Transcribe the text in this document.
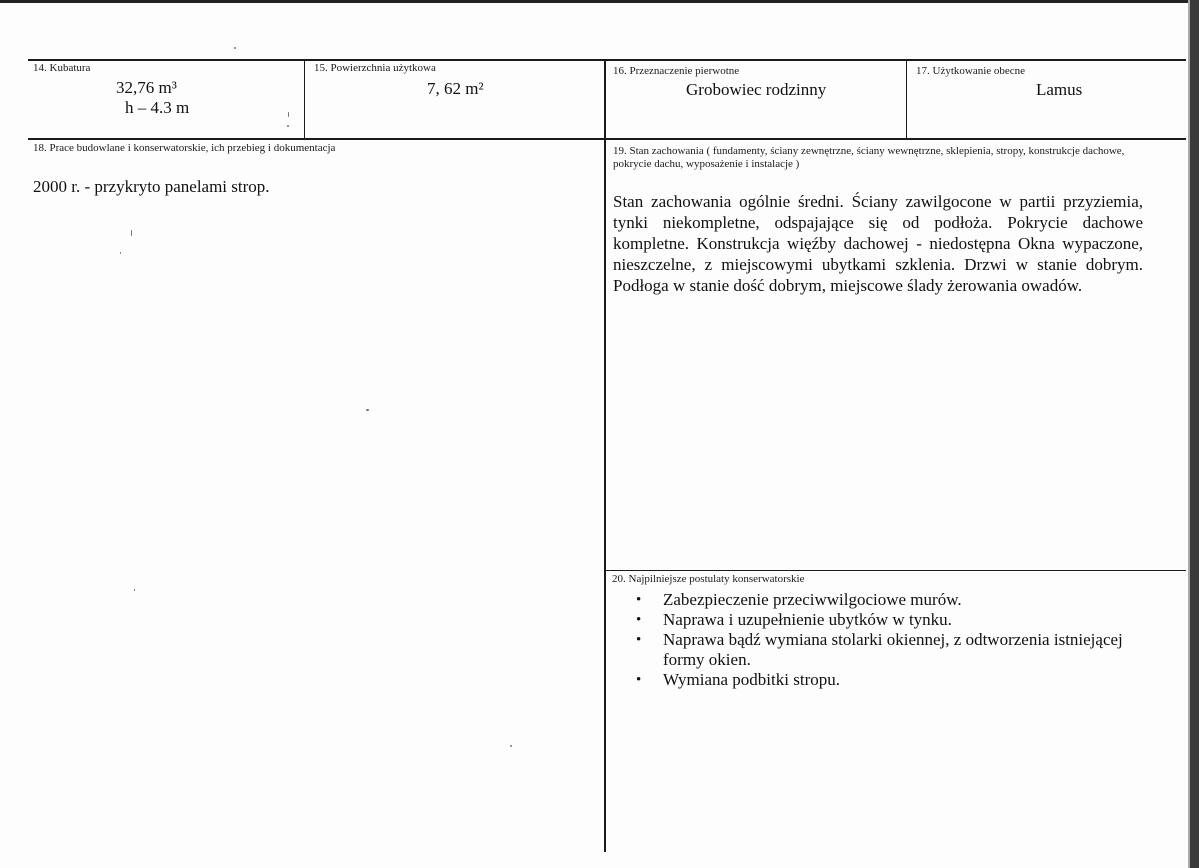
14. Kubatura
32,76 m³
h – 4.3 m
15. Powierzchnia użytkowa
7, 62 m²
16. Przeznaczenie pierwotne
Grobowiec rodzinny
17. Użytkowanie obecne
Lamus
18. Prace budowlane i konserwatorskie, ich przebieg i dokumentacja
2000 r. - przykryto panelami strop.
19. Stan zachowania ( fundamenty, ściany zewnętrzne, ściany wewnętrzne, sklepienia, stropy, konstrukcje dachowe, pokrycie dachu, wyposażenie i instalacje )
Stan zachowania ogólnie średni. Ściany zawilgocone w partii przyziemia, tynki niekompletne, odspajające się od podłoża. Pokrycie dachowe kompletne. Konstrukcja więźby dachowej - niedostępna Okna wypaczone, nieszczelne, z miejscowymi ubytkami szklenia. Drzwi w stanie dobrym. Podłoga w stanie dość dobrym, miejscowe ślady żerowania owadów.
20. Najpilniejsze postulaty konserwatorskie
• Zabezpieczenie przeciwwilgociowe murów.
• Naprawa i uzupełnienie ubytków w tynku.
• Naprawa bądź wymiana stolarki okiennej, z odtworzenia istniejącej formy okien.
• Wymiana podbitki stropu.
